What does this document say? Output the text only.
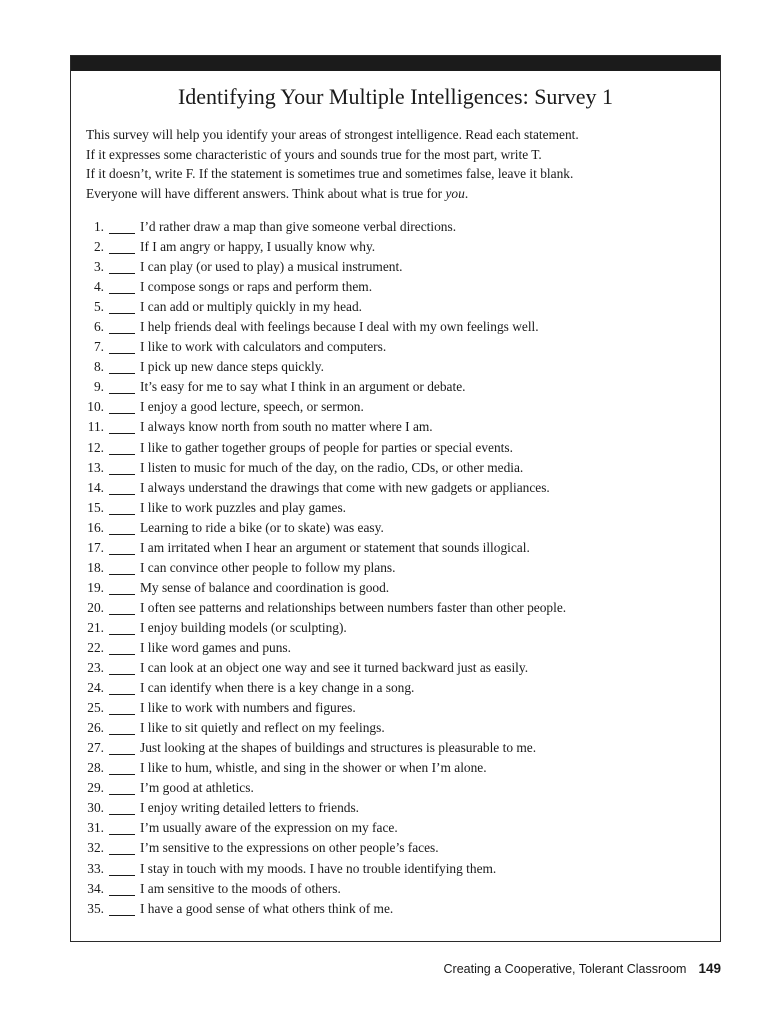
Identifying Your Multiple Intelligences: Survey 1

This survey will help you identify your areas of strongest intelligence. Read each statement.

If it expresses some characteristic of yours and sounds true for the most part, write T.

If it doesn’t, write F. If the statement is sometimes true and sometimes false, leave it blank.

Everyone will have different answers. Think about what is true for you.

1.	I’d rather draw a map than give someone verbal directions.
2.	If I am angry or happy, I usually know why.
3.	I can play (or used to play) a musical instrument.
4.	I compose songs or raps and perform them.
5.	I can add or multiply quickly in my head.
6.	I help friends deal with feelings because I deal with my own feelings well.
7.	I like to work with calculators and computers.
8.	I pick up new dance steps quickly.
9.	It’s easy for me to say what I think in an argument or debate.
10.	I enjoy a good lecture, speech, or sermon.
11.	I always know north from south no matter where I am.
12.	I like to gather together groups of people for parties or special events.
13.	I listen to music for much of the day, on the radio, CDs, or other media.
14.	I always understand the drawings that come with new gadgets or appliances.
15.	I like to work puzzles and play games.
16.	Learning to ride a bike (or to skate) was easy.
17.	I am irritated when I hear an argument or statement that sounds illogical.
18.	I can convince other people to follow my plans.
19.	My sense of balance and coordination is good.
20.	I often see patterns and relationships between numbers faster than other people.
21.	I enjoy building models (or sculpting).
22.	I like word games and puns.
23.	I can look at an object one way and see it turned backward just as easily.
24.	I can identify when there is a key change in a song.
25.	I like to work with numbers and figures.
26.	I like to sit quietly and reflect on my feelings.
27.	Just looking at the shapes of buildings and structures is pleasurable to me.
28.	I like to hum, whistle, and sing in the shower or when I’m alone.
29.	I’m good at athletics.
30.	I enjoy writing detailed letters to friends.
31.	I’m usually aware of the expression on my face.
32.	I’m sensitive to the expressions on other people’s faces.
33.	I stay in touch with my moods. I have no trouble identifying them.
34.	I am sensitive to the moods of others.
35.	I have a good sense of what others think of me.
Creating a Cooperative, Tolerant Classroom 149
